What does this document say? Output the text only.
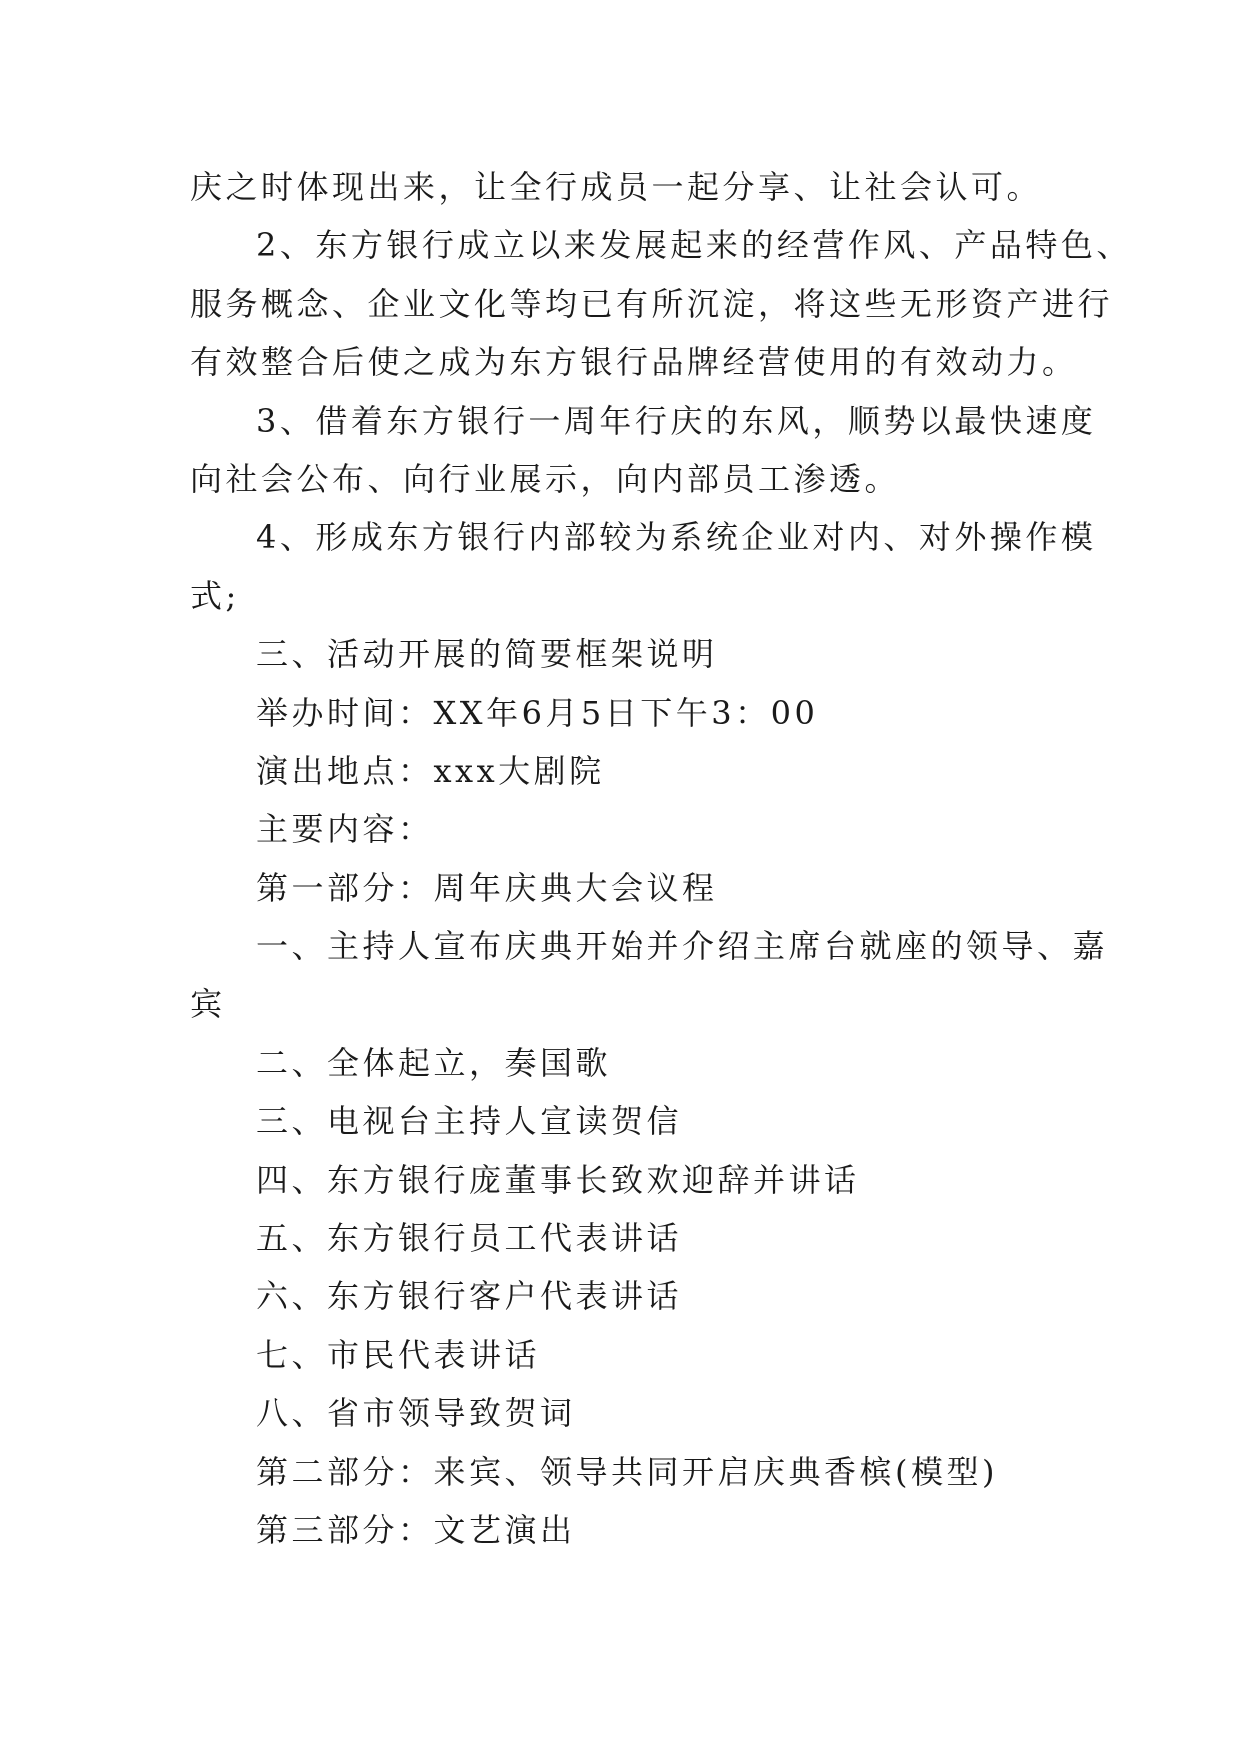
庆之时体现出来，让全行成员一起分享、让社会认可。

2、东方银行成立以来发展起来的经营作风、产品特色、

服务概念、企业文化等均已有所沉淀，将这些无形资产进行

有效整合后使之成为东方银行品牌经营使用的有效动力。

3、借着东方银行一周年行庆的东风，顺势以最快速度

向社会公布、向行业展示，向内部员工渗透。

4、形成东方银行内部较为系统企业对内、对外操作模

式;

三、活动开展的简要框架说明

举办时间：XX年6月5日下午3：00

演出地点：xxx大剧院

主要内容：

第一部分：周年庆典大会议程

一、主持人宣布庆典开始并介绍主席台就座的领导、嘉

宾

二、全体起立，奏国歌

三、电视台主持人宣读贺信

四、东方银行庞董事长致欢迎辞并讲话

五、东方银行员工代表讲话

六、东方银行客户代表讲话

七、市民代表讲话

八、省市领导致贺词

第二部分：来宾、领导共同开启庆典香槟(模型)

第三部分：文艺演出
